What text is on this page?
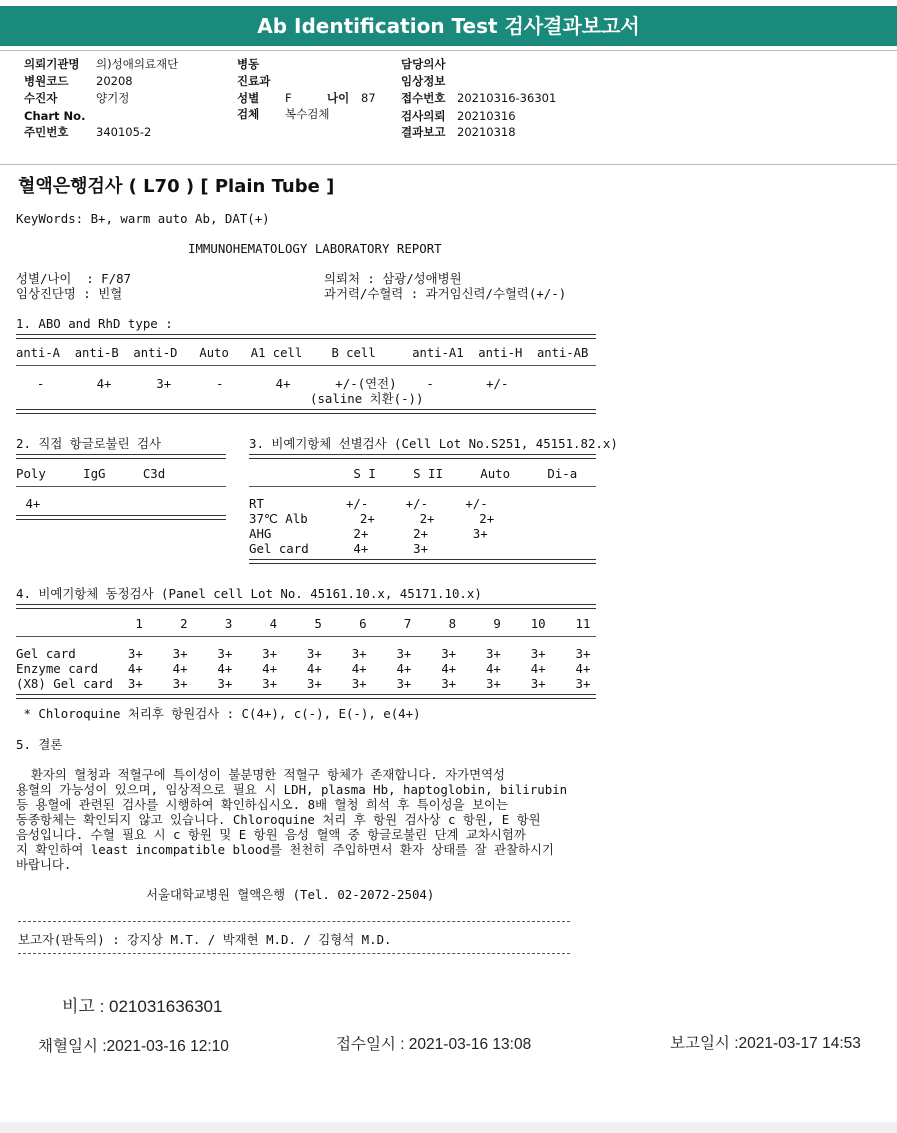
Ab Identification Test 검사결과보고서
의뢰기관명 의)성애의료재단
병원코드 20208
수진자	양기정
Chart No.
주민번호 340105-2
병동
진료과
성별 F	나이 87
검체 복수검체
담당의사
임상정보
접수번호 20210316-36301
검사의뢰 20210316
결과보고 20210318
혈액은행검사 ( L70 ) [ Plain Tube ]
KeyWords: B+, warm auto Ab, DAT(+)
IMMUNOHEMATOLOGY LABORATORY REPORT
성별/나이  : F/87
임상진단명 : 빈혈
의뢰처 : 삼광/성애병원
과거력/수혈력 : 과거임신력/수혈력(+/-)
1. ABO and RhD type :
anti-A  anti-B  anti-D   Auto   A1 cell    B cell     anti-A1  anti-H  anti-AB
-       4+      3+      -       4+      +/-(연전)    -       +/-
(saline 치환(-))
2. 직접 항글로불린 검사
Poly     IgG     C3d
4+
3. 비예기항체 선별검사 (Cell Lot No.S251, 45151.82.x)
S I     S II     Auto     Di-a
RT           +/-     +/-     +/-
37℃ Alb       2+      2+      2+
AHG           2+      2+      3+
Gel card      4+      3+
4. 비예기항체 동정검사 (Panel cell Lot No. 45161.10.x, 45171.10.x)
1     2     3     4     5     6     7     8     9    10    11
Gel card       3+    3+    3+    3+    3+    3+    3+    3+    3+    3+    3+
Enzyme card    4+    4+    4+    4+    4+    4+    4+    4+    4+    4+    4+
(X8) Gel card  3+    3+    3+    3+    3+    3+    3+    3+    3+    3+    3+
* Chloroquine 처리후 항원검사 : C(4+), c(-), E(-), e(4+)
5. 결론
환자의 혈청과 적혈구에 특이성이 불분명한 적혈구 항체가 존재합니다. 자가면역성
용혈의 가능성이 있으며, 임상적으로 필요 시 LDH, plasma Hb, haptoglobin, bilirubin
등 용혈에 관련된 검사를 시행하여 확인하십시오. 8배 혈청 희석 후 특이성을 보이는
동종항체는 확인되지 않고 있습니다. Chloroquine 처리 후 항원 검사상 c 항원, E 항원
음성입니다. 수혈 필요 시 c 항원 및 E 항원 음성 혈액 중 항글로불린 단계 교차시험까
지 확인하여 least incompatible blood를 천천히 주입하면서 환자 상태를 잘 관찰하시기
바랍니다.
서울대학교병원 혈액은행 (Tel. 02-2072-2504)
보고자(판독의) : 강지상 M.T. / 박재현 M.D. / 김형석 M.D.
비고 : 021031636301
채혈일시 :2021-03-16 12:10	접수일시 : 2021-03-16 13:08	보고일시 :2021-03-17 14:53
